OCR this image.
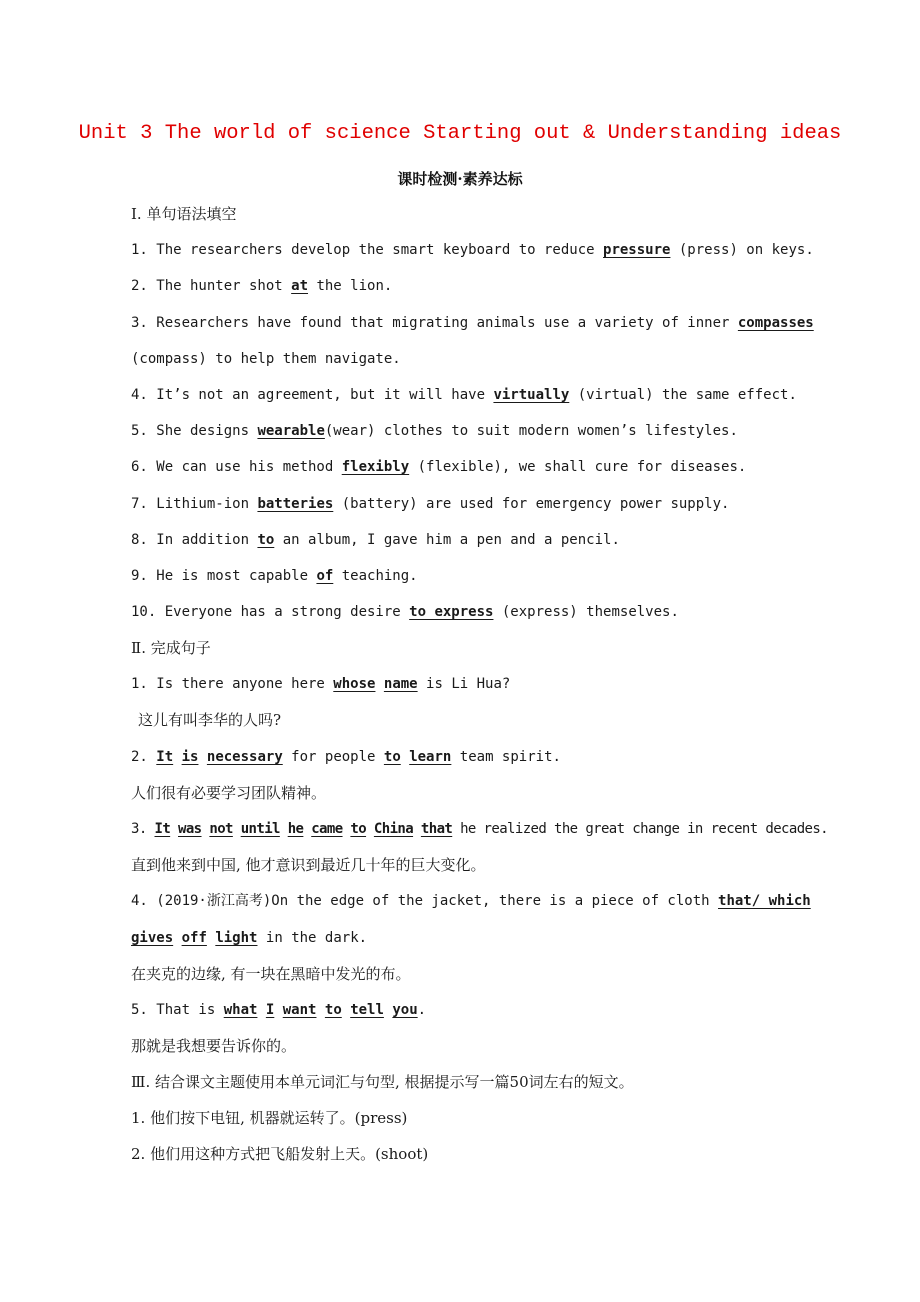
Unit 3 The world of science Starting out & Understanding ideas
课时检测·素养达标
Ⅰ. 单句语法填空
1. The researchers develop the smart keyboard to reduce pressure (press) on keys.
2. The hunter shot at the lion.
3. Researchers have found that migrating animals use a variety of inner compasses
(compass) to help them navigate.
4. It’s not an agreement, but it will have virtually (virtual) the same effect.
5. She designs wearable(wear) clothes to suit modern women’s lifestyles.
6. We can use his method flexibly (flexible), we shall cure for diseases.
7. Lithium-ion batteries (battery) are used for emergency power supply.
8. In addition to an album, I gave him a pen and a pencil.
9. He is most capable of teaching.
10. Everyone has a strong desire to express (express) themselves.
Ⅱ. 完成句子
1. Is there anyone here whose name is Li Hua?
这儿有叫李华的人吗?
2. It is necessary for people to learn team spirit.
人们很有必要学习团队精神。
3. It was not until he came to China that he realized the great change in recent decades.
直到他来到中国, 他才意识到最近几十年的巨大变化。
4. (2019·浙江高考)On the edge of the jacket, there is a piece of cloth that/ which
gives off light in the dark.
在夹克的边缘, 有一块在黑暗中发光的布。
5. That is what I want to tell you.
那就是我想要告诉你的。
Ⅲ. 结合课文主题使用本单元词汇与句型, 根据提示写一篇50词左右的短文。
1. 他们按下电钮, 机器就运转了。(press)
2. 他们用这种方式把飞船发射上天。(shoot)
